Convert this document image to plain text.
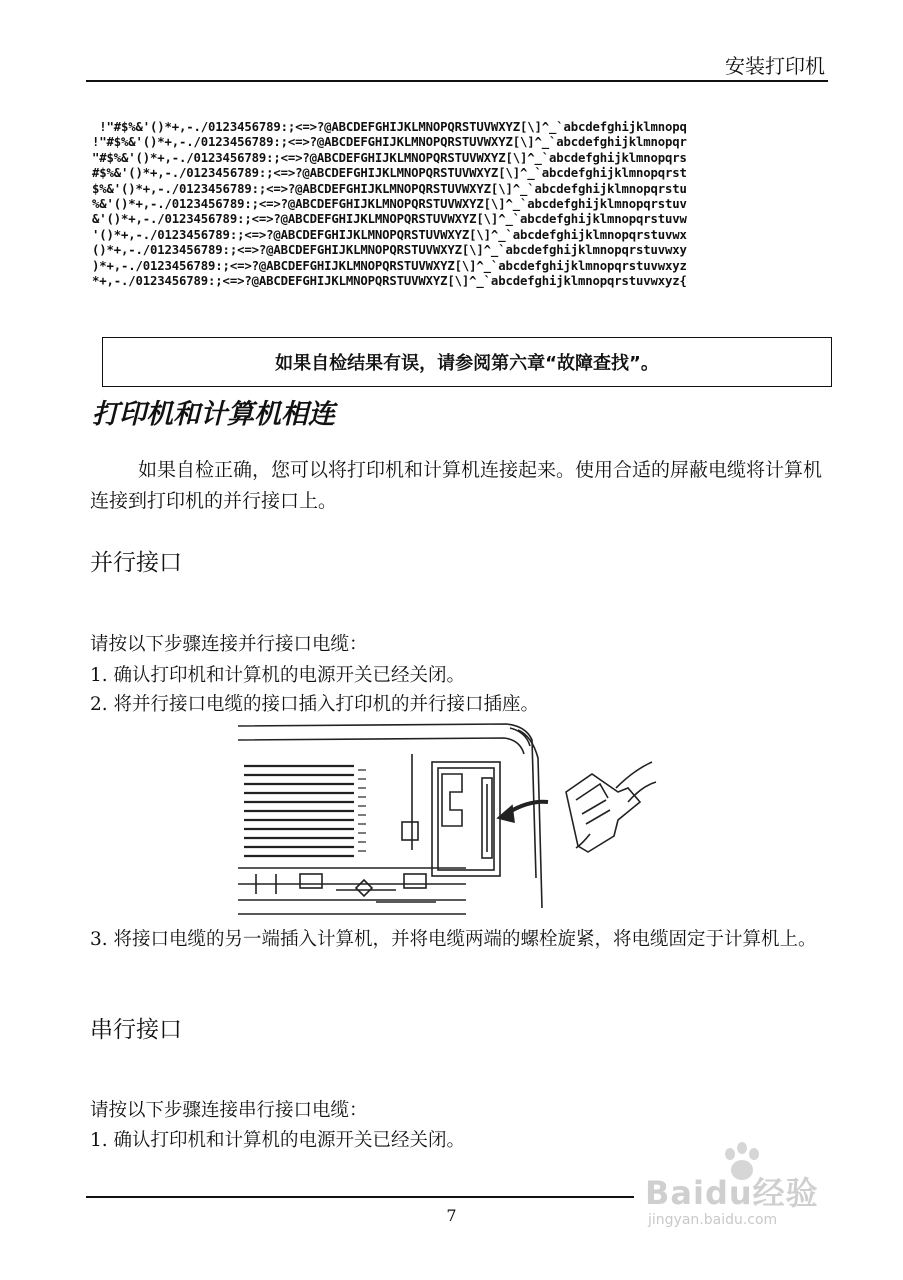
安装打印机
!"#$%&'()*+,-./0123456789:;<=>?@ABCDEFGHIJKLMNOPQRSTUVWXYZ[\]^_`abcdefghijklmnopq
!"#$%&'()*+,-./0123456789:;<=>?@ABCDEFGHIJKLMNOPQRSTUVWXYZ[\]^_`abcdefghijklmnopqr
"#$%&'()*+,-./0123456789:;<=>?@ABCDEFGHIJKLMNOPQRSTUVWXYZ[\]^_`abcdefghijklmnopqrs
#$%&'()*+,-./0123456789:;<=>?@ABCDEFGHIJKLMNOPQRSTUVWXYZ[\]^_`abcdefghijklmnopqrst
$%&'()*+,-./0123456789:;<=>?@ABCDEFGHIJKLMNOPQRSTUVWXYZ[\]^_`abcdefghijklmnopqrstu
%&'()*+,-./0123456789:;<=>?@ABCDEFGHIJKLMNOPQRSTUVWXYZ[\]^_`abcdefghijklmnopqrstuv
&'()*+,-./0123456789:;<=>?@ABCDEFGHIJKLMNOPQRSTUVWXYZ[\]^_`abcdefghijklmnopqrstuvw
'()*+,-./0123456789:;<=>?@ABCDEFGHIJKLMNOPQRSTUVWXYZ[\]^_`abcdefghijklmnopqrstuvwx
()*+,-./0123456789:;<=>?@ABCDEFGHIJKLMNOPQRSTUVWXYZ[\]^_`abcdefghijklmnopqrstuvwxy
)*+,-./0123456789:;<=>?@ABCDEFGHIJKLMNOPQRSTUVWXYZ[\]^_`abcdefghijklmnopqrstuvwxyz
*+,-./0123456789:;<=>?@ABCDEFGHIJKLMNOPQRSTUVWXYZ[\]^_`abcdefghijklmnopqrstuvwxyz{
如果自检结果有误，请参阅第六章“故障查找”。
打印机和计算机相连

如果自检正确，您可以将打印机和计算机连接起来。使用合适的屏蔽电缆将计算机连接到打印机的并行接口上。

并行接口
请按以下步骤连接并行接口电缆：
1. 确认打印机和计算机的电源开关已经关闭。
2. 将并行接口电缆的接口插入打印机的并行接口插座。
3. 将接口电缆的另一端插入计算机，并将电缆两端的螺栓旋紧，将电缆固定于计算机上。
串行接口
请按以下步骤连接串行接口电缆：
1. 确认打印机和计算机的电源开关已经关闭。
7
Baidu经验
jingyan.baidu.com
